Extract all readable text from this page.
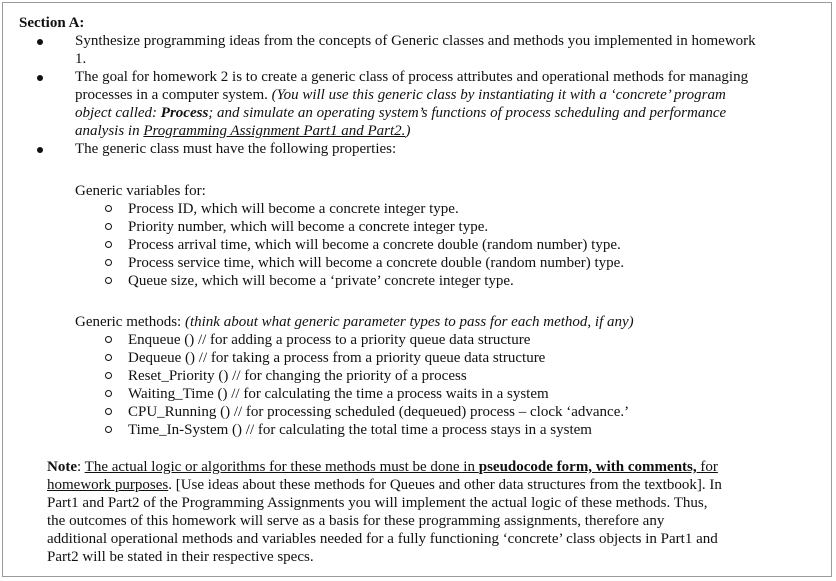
Section A:
Synthesize programming ideas from the concepts of Generic classes and methods you implemented in homework 1.
The goal for homework 2 is to create a generic class of process attributes and operational methods for managing processes in a computer system. (You will use this generic class by instantiating it with a ‘concrete’ program object called: Process; and simulate an operating system’s functions of process scheduling and performance analysis in Programming Assignment Part1 and Part2.)
The generic class must have the following properties:
Generic variables for:
Process ID, which will become a concrete integer type.
Priority number, which will become a concrete integer type.
Process arrival time, which will become a concrete double (random number) type.
Process service time, which will become a concrete double (random number) type.
Queue size, which will become a ‘private’ concrete integer type.
Generic methods: (think about what generic parameter types to pass for each method, if any)
Enqueue () // for adding a process to a priority queue data structure
Dequeue () // for taking a process from a priority queue data structure
Reset_Priority () // for changing the priority of a process
Waiting_Time () // for calculating the time a process waits in a system
CPU_Running () // for processing scheduled (dequeued) process – clock ‘advance.’
Time_In-System () // for calculating the total time a process stays in a system
Note: The actual logic or algorithms for these methods must be done in pseudocode form, with comments, for homework purposes. [Use ideas about these methods for Queues and other data structures from the textbook]. In Part1 and Part2 of the Programming Assignments you will implement the actual logic of these methods. Thus, the outcomes of this homework will serve as a basis for these programming assignments, therefore any additional operational methods and variables needed for a fully functioning ‘concrete’ class objects in Part1 and Part2 will be stated in their respective specs.
